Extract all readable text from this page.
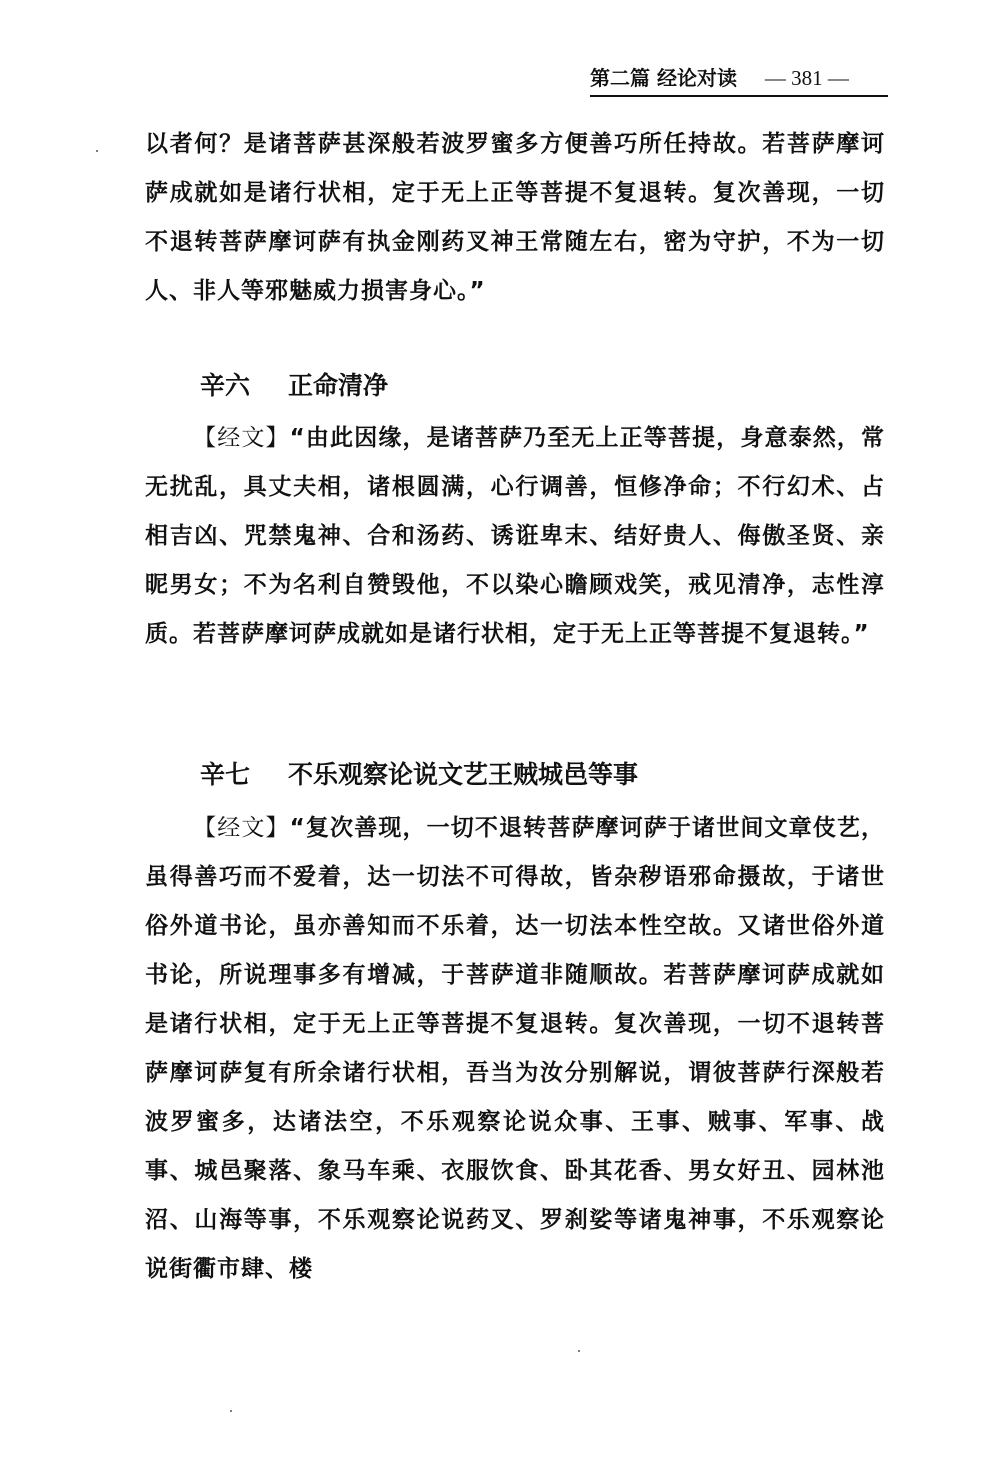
第二篇 经论对读 — 381 —

以者何？是诸菩萨甚深般若波罗蜜多方便善巧所任持故。若菩萨摩诃萨成就如是诸行状相，定于无上正等菩提不复退转。复次善现，一切不退转菩萨摩诃萨有执金刚药叉神王常随左右，密为守护，不为一切人、非人等邪魅威力损害身心。”

辛六 正命清净

【经文】“由此因缘，是诸菩萨乃至无上正等菩提，身意泰然，常无扰乱，具丈夫相，诸根圆满，心行调善，恒修净命；不行幻术、占相吉凶、咒禁鬼神、合和汤药、诱诳卑末、结好贵人、侮傲圣贤、亲昵男女；不为名利自赞毁他，不以染心瞻顾戏笑，戒见清净，志性淳质。若菩萨摩诃萨成就如是诸行状相，定于无上正等菩提不复退转。”

辛七 不乐观察论说文艺王贼城邑等事

【经文】“复次善现，一切不退转菩萨摩诃萨于诸世间文章伎艺，虽得善巧而不爱着，达一切法不可得故，皆杂秽语邪命摄故，于诸世俗外道书论，虽亦善知而不乐着，达一切法本性空故。又诸世俗外道书论，所说理事多有增减，于菩萨道非随顺故。若菩萨摩诃萨成就如是诸行状相，定于无上正等菩提不复退转。复次善现，一切不退转菩萨摩诃萨复有所余诸行状相，吾当为汝分别解说，谓彼菩萨行深般若波罗蜜多，达诸法空，不乐观察论说众事、王事、贼事、军事、战事、城邑聚落、象马车乘、衣服饮食、卧其花香、男女好丑、园林池沼、山海等事，不乐观察论说药叉、罗刹娑等诸鬼神事，不乐观察论说街衢市肆、楼
